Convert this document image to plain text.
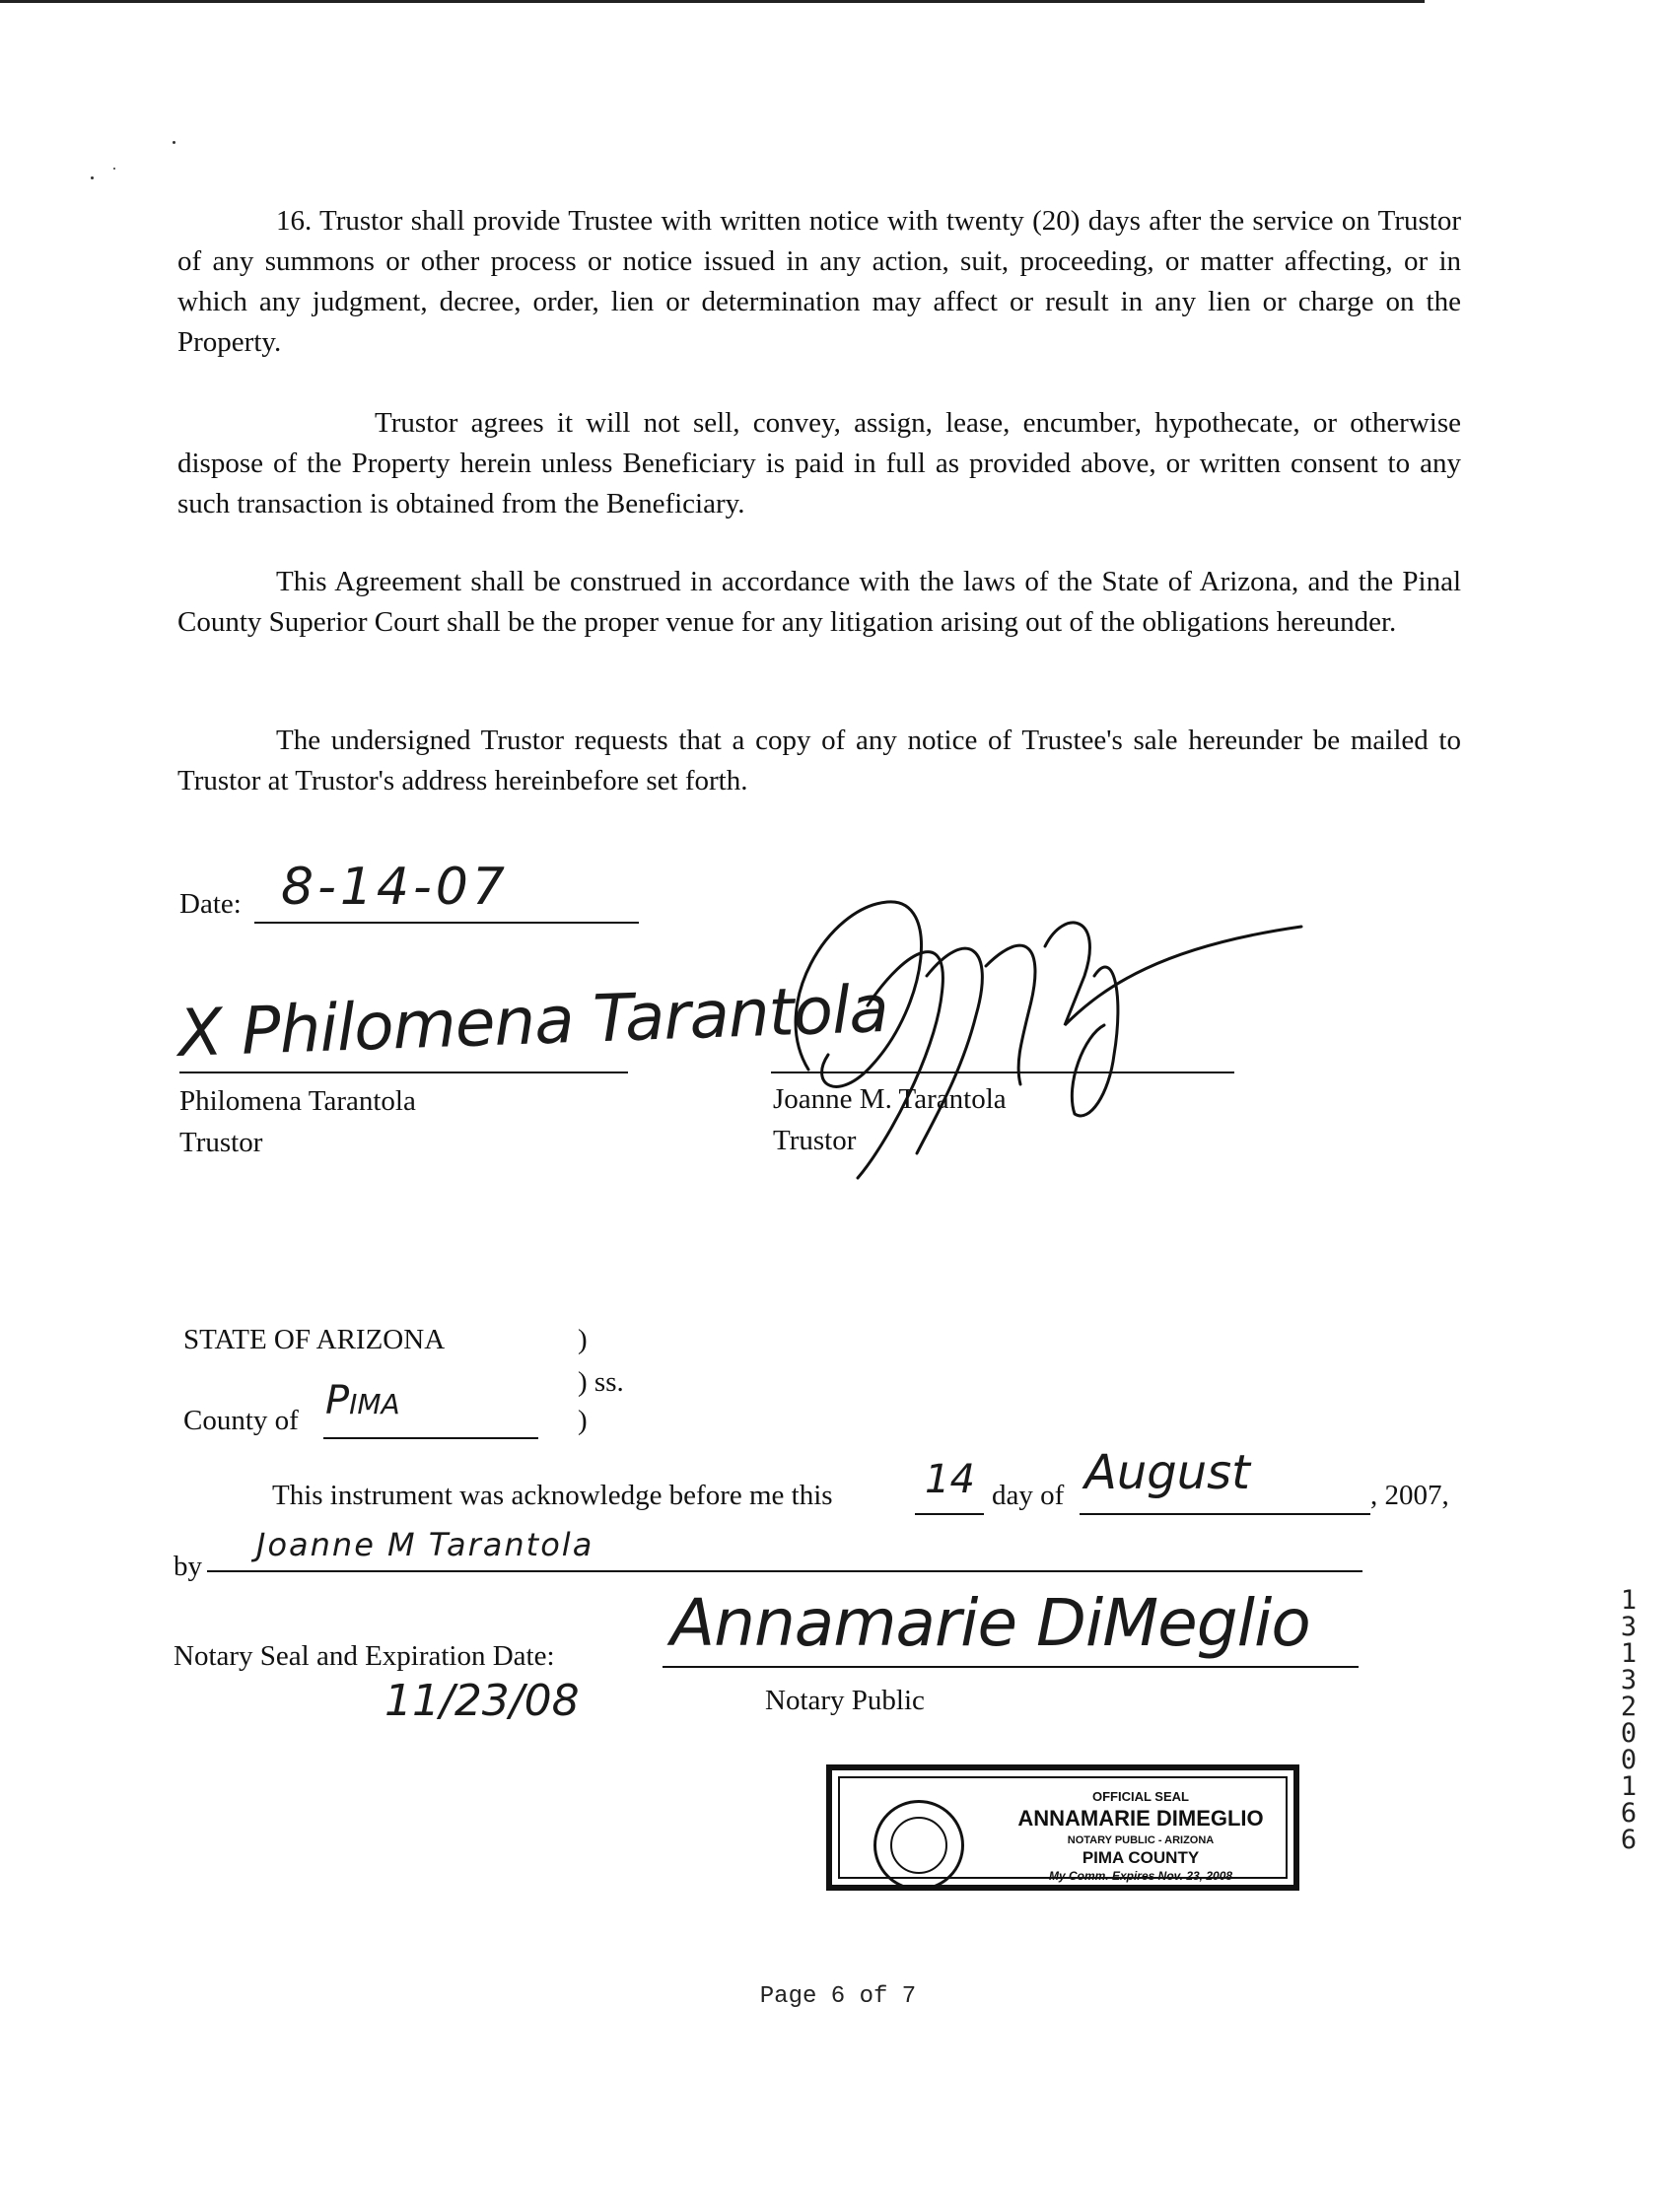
16. Trustor shall provide Trustee with written notice with twenty (20) days after the service on Trustor of any summons or other process or notice issued in any action, suit, proceeding, or matter affecting, or in which any judgment, decree, order, lien or determination may affect or result in any lien or charge on the Property.

Trustor agrees it will not sell, convey, assign, lease, encumber, hypothecate, or otherwise dispose of the Property herein unless Beneficiary is paid in full as provided above, or written consent to any such transaction is obtained from the Beneficiary.

This Agreement shall be construed in accordance with the laws of the State of Arizona, and the Pinal County Superior Court shall be the proper venue for any litigation arising out of the obligations hereunder.

The undersigned Trustor requests that a copy of any notice of Trustee's sale hereunder be mailed to Trustor at Trustor's address hereinbefore set forth.

Date: 8-14-07
X Philomena Tarantola
Philomena Tarantola
Trustor
Joanne M. Tarantola
Trustor
STATE OF ARIZONA	)
) ss.
County of Pima	)
This instrument was acknowledge before me this 14 day of August	, 2007,
by
Joanne M Tarantola
Notary Seal and Expiration Date:
11/23/08
Annamarie DiMeglio
Notary Public
OFFICIAL SEAL
ANNAMARIE DIMEGLIO
NOTARY PUBLIC - ARIZONA
PIMA COUNTY
My Comm. Expires Nov. 23, 2008
1
3
1
3
2
0
0
1
6
6
Page 6 of 7
